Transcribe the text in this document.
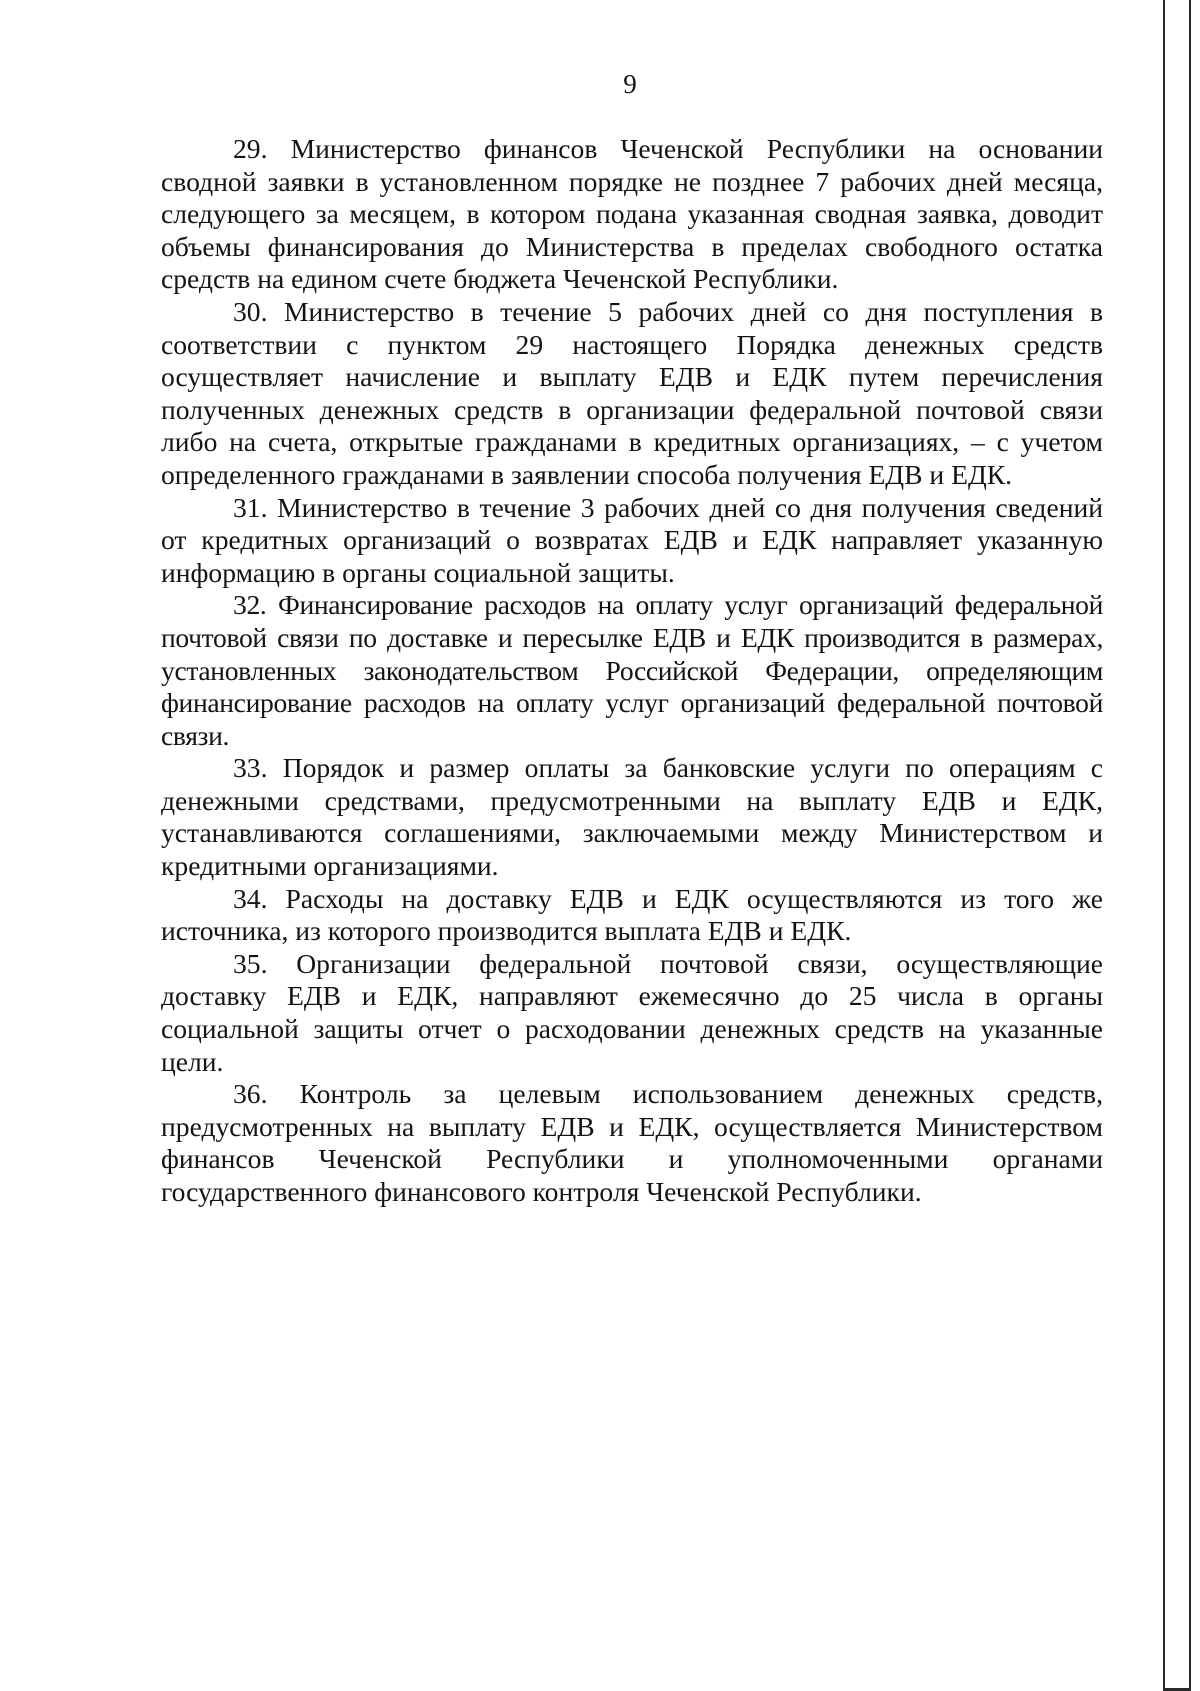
9

29. Министерство финансов Чеченской Республики на основании сводной заявки в установленном порядке не позднее 7 рабочих дней месяца, следующего за месяцем, в котором подана указанная сводная заявка, доводит объемы финансирования до Министерства в пределах свободного остатка средств на едином счете бюджета Чеченской Республики.

30. Министерство в течение 5 рабочих дней со дня поступления в соответствии с пунктом 29 настоящего Порядка денежных средств осуществляет начисление и выплату ЕДВ и ЕДК путем перечисления полученных денежных средств в организации федеральной почтовой связи либо на счета, открытые гражданами в кредитных организациях, – с учетом определенного гражданами в заявлении способа получения ЕДВ и ЕДК.

31. Министерство в течение 3 рабочих дней со дня получения сведений от кредитных организаций о возвратах ЕДВ и ЕДК направляет указанную информацию в органы социальной защиты.

32. Финансирование расходов на оплату услуг организаций федеральной почтовой связи по доставке и пересылке ЕДВ и ЕДК производится в размерах, установленных законодательством Российской Федерации, определяющим финансирование расходов на оплату услуг организаций федеральной почтовой связи.

33. Порядок и размер оплаты за банковские услуги по операциям с денежными средствами, предусмотренными на выплату ЕДВ и ЕДК, устанавливаются соглашениями, заключаемыми между Министерством и кредитными организациями.

34. Расходы на доставку ЕДВ и ЕДК осуществляются из того же источника, из которого производится выплата ЕДВ и ЕДК.

35. Организации федеральной почтовой связи, осуществляющие доставку ЕДВ и ЕДК, направляют ежемесячно до 25 числа в органы социальной защиты отчет о расходовании денежных средств на указанные цели.

36. Контроль за целевым использованием денежных средств, предусмотренных на выплату ЕДВ и ЕДК, осуществляется Министерством финансов Чеченской Республики и уполномоченными органами государственного финансового контроля Чеченской Республики.
